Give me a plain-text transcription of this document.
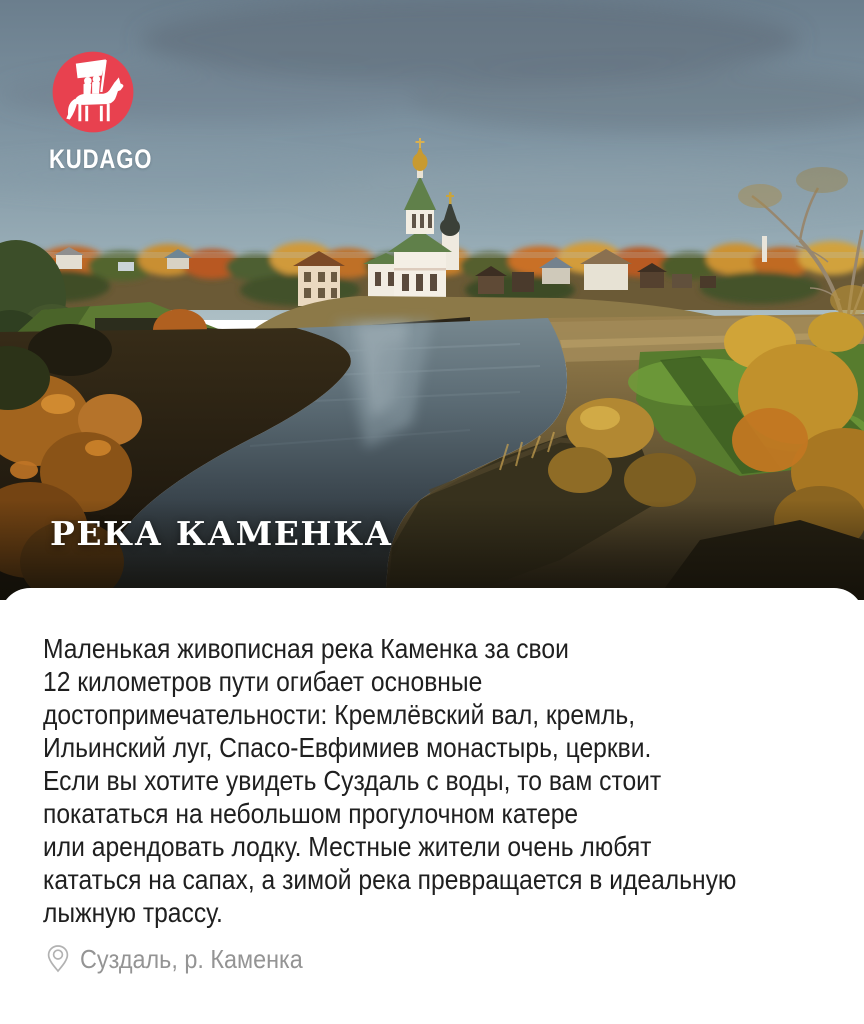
KUDAGO
РЕКА КАМЕНКА
Маленькая живописная река Каменка за свои
12 километров пути огибает основные
достопримечательности: Кремлёвский вал, кремль,
Ильинский луг, Спасо-Евфимиев монастырь, церкви.
Если вы хотите увидеть Суздаль с воды, то вам стоит
покататься на небольшом прогулочном катере
или арендовать лодку. Местные жители очень любят
кататься на сапах, а зимой река превращается в идеальную
лыжную трассу.
Суздаль, р. Каменка
